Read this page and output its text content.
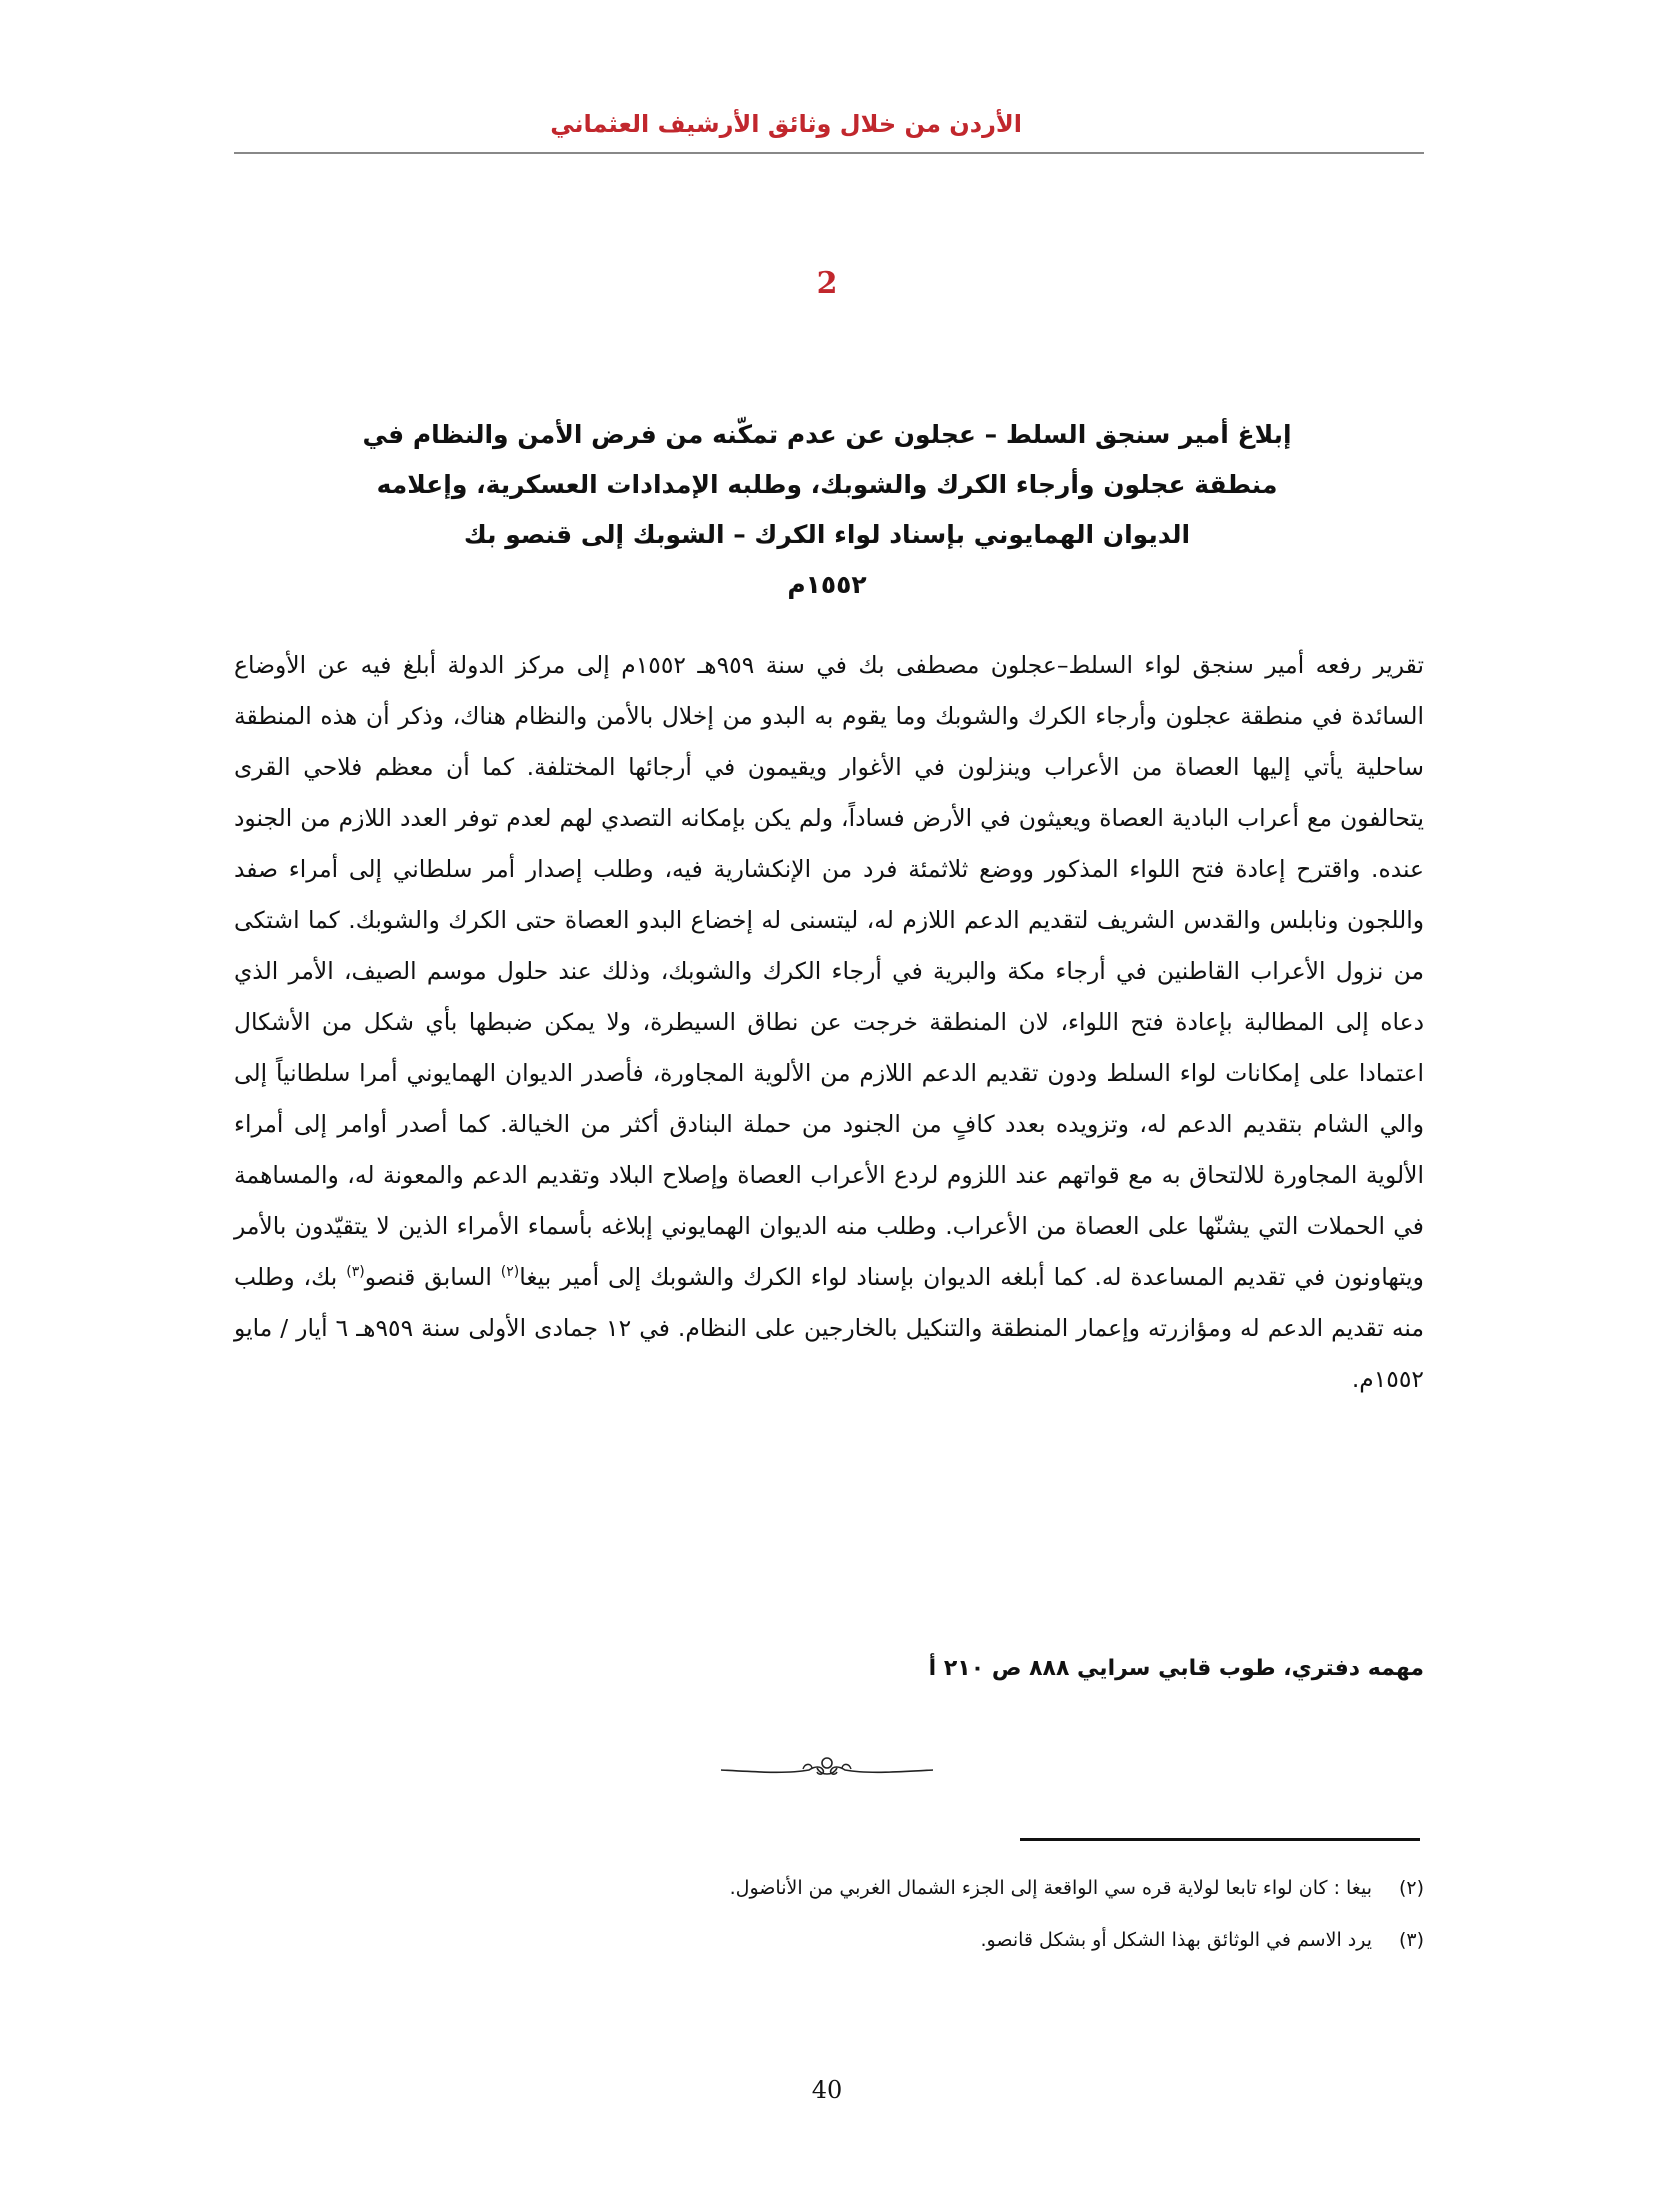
الأردن من خلال وثائق الأرشيف العثماني
2
إبلاغ أمير سنجق السلط – عجلون عن عدم تمكّنه من فرض الأمن والنظام في
منطقة عجلون وأرجاء الكرك والشوبك، وطلبه الإمدادات العسكرية، وإعلامه
الديوان الهمايوني بإسناد لواء الكرك – الشوبك إلى قنصو بك
١٥٥٢م
تقرير رفعه أمير سنجق لواء السلط–عجلون مصطفى بك في سنة ٩٥٩هـ ١٥٥٢م إلى مركز الدولة أبلغ فيه عن الأوضاع السائدة في منطقة عجلون وأرجاء الكرك والشوبك وما يقوم به البدو من إخلال بالأمن والنظام هناك، وذكر أن هذه المنطقة ساحلية يأتي إليها العصاة من الأعراب وينزلون في الأغوار ويقيمون في أرجائها المختلفة. كما أن معظم فلاحي القرى يتحالفون مع أعراب البادية العصاة ويعيثون في الأرض فساداً، ولم يكن بإمكانه التصدي لهم لعدم توفر العدد اللازم من الجنود عنده. واقترح إعادة فتح اللواء المذكور ووضع ثلاثمئة فرد من الإنكشارية فيه، وطلب إصدار أمر سلطاني إلى أمراء صفد واللجون ونابلس والقدس الشريف لتقديم الدعم اللازم له، ليتسنى له إخضاع البدو العصاة حتى الكرك والشوبك. كما اشتكى من نزول الأعراب القاطنين في أرجاء مكة والبرية في أرجاء الكرك والشوبك، وذلك عند حلول موسم الصيف، الأمر الذي دعاه إلى المطالبة بإعادة فتح اللواء، لان المنطقة خرجت عن نطاق السيطرة، ولا يمكن ضبطها بأي شكل من الأشكال اعتمادا على إمكانات لواء السلط ودون تقديم الدعم اللازم من الألوية المجاورة، فأصدر الديوان الهمايوني أمرا سلطانياً إلى والي الشام بتقديم الدعم له، وتزويده بعدد كافٍ من الجنود من حملة البنادق أكثر من الخيالة. كما أصدر أوامر إلى أمراء الألوية المجاورة للالتحاق به مع قواتهم عند اللزوم لردع الأعراب العصاة وإصلاح البلاد وتقديم الدعم والمعونة له، والمساهمة في الحملات التي يشنّها على العصاة من الأعراب. وطلب منه الديوان الهمايوني إبلاغه بأسماء الأمراء الذين لا يتقيّدون بالأمر ويتهاونون في تقديم المساعدة له. كما أبلغه الديوان بإسناد لواء الكرك والشوبك إلى أمير بيغا$^{(٢)}$ السابق قنصو$^{(٣)}$ بك، وطلب منه تقديم الدعم له ومؤازرته وإعمار المنطقة والتنكيل بالخارجين على النظام. في ١٢ جمادى الأولى سنة ٩٥٩هـ ٦ أيار / مايو ١٥٥٢م.
مهمه دفتري، طوب قابي سرايي ٨٨٨ ص ٢١٠ أ
(٢)
بيغا : كان لواء تابعا لولاية قره سي الواقعة إلى الجزء الشمال الغربي من الأناضول.
(٣)
يرد الاسم في الوثائق بهذا الشكل أو بشكل قانصو.
40
